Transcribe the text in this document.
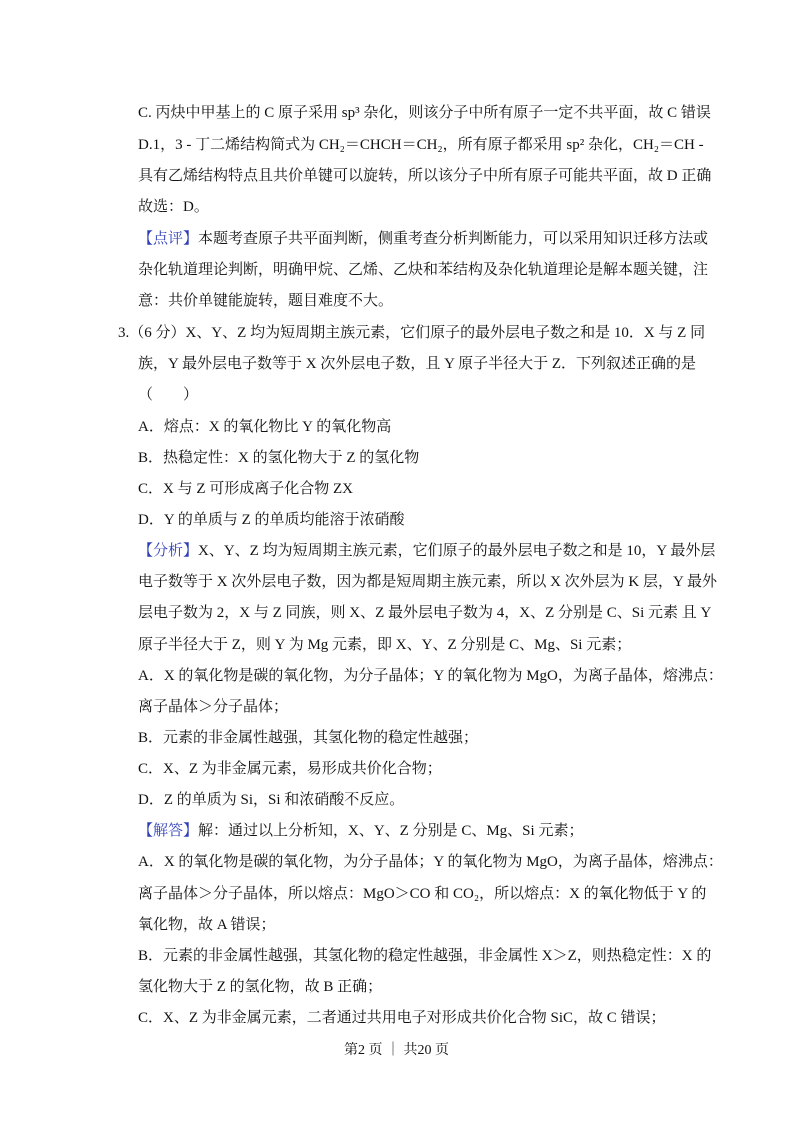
C. 丙炔中甲基上的 C 原子采用 sp³ 杂化，则该分子中所有原子一定不共平面，故 C 错误
D.1，3 - 丁二烯结构简式为 CH₂＝CHCH＝CH₂，所有原子都采用 sp² 杂化，CH₂＝CH -
具有乙烯结构特点且共价单键可以旋转，所以该分子中所有原子可能共平面，故 D 正确
故选：D。
【点评】本题考查原子共平面判断，侧重考查分析判断能力，可以采用知识迁移方法或
杂化轨道理论判断，明确甲烷、乙烯、乙炔和苯结构及杂化轨道理论是解本题关键，注
意：共价单键能旋转，题目难度不大。
3.（6 分）X、Y、Z 均为短周期主族元素，它们原子的最外层电子数之和是 10．X 与 Z 同
族，Y 最外层电子数等于 X 次外层电子数，且 Y 原子半径大于 Z．下列叙述正确的是
（　　）
A．熔点：X 的氧化物比 Y 的氧化物高
B．热稳定性：X 的氢化物大于 Z 的氢化物
C．X 与 Z 可形成离子化合物 ZX
D．Y 的单质与 Z 的单质均能溶于浓硝酸
【分析】X、Y、Z 均为短周期主族元素，它们原子的最外层电子数之和是 10，Y 最外层
电子数等于 X 次外层电子数，因为都是短周期主族元素，所以 X 次外层为 K 层，Y 最外
层电子数为 2，X 与 Z 同族，则 X、Z 最外层电子数为 4，X、Z 分别是 C、Si 元素 且 Y
原子半径大于 Z，则 Y 为 Mg 元素，即 X、Y、Z 分别是 C、Mg、Si 元素；
A．X 的氧化物是碳的氧化物，为分子晶体；Y 的氧化物为 MgO，为离子晶体，熔沸点：
离子晶体＞分子晶体；
B．元素的非金属性越强，其氢化物的稳定性越强；
C．X、Z 为非金属元素，易形成共价化合物；
D．Z 的单质为 Si，Si 和浓硝酸不反应。
【解答】解：通过以上分析知，X、Y、Z 分别是 C、Mg、Si 元素；
A．X 的氧化物是碳的氧化物，为分子晶体；Y 的氧化物为 MgO，为离子晶体，熔沸点：
离子晶体＞分子晶体，所以熔点：MgO＞CO 和 CO₂，所以熔点：X 的氧化物低于 Y 的
氧化物，故 A 错误；
B．元素的非金属性越强，其氢化物的稳定性越强，非金属性 X＞Z，则热稳定性：X 的
氢化物大于 Z 的氢化物，故 B 正确；
C．X、Z 为非金属元素，二者通过共用电子对形成共价化合物 SiC，故 C 错误；
第2 页 ｜ 共20 页
